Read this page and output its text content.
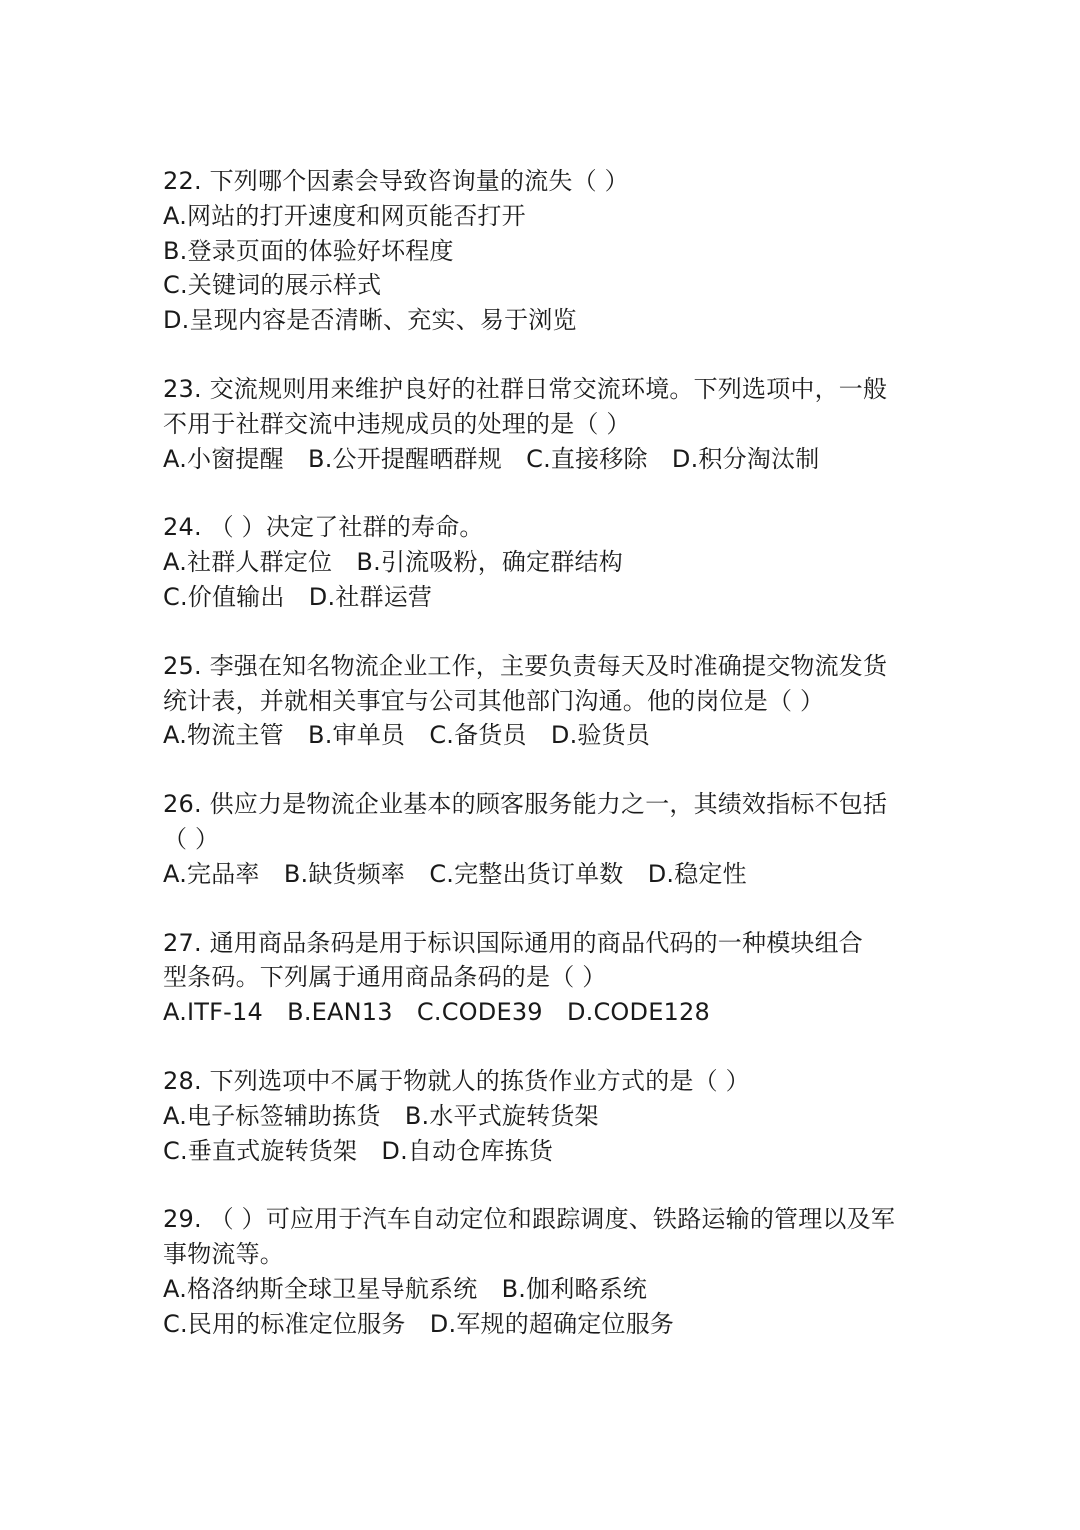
22. 下列哪个因素会导致咨询量的流失（ ）
A.网站的打开速度和网页能否打开
B.登录页面的体验好坏程度
C.关键词的展示样式
D.呈现内容是否清晰、充实、易于浏览
23. 交流规则用来维护良好的社群日常交流环境。下列选项中，一般
不用于社群交流中违规成员的处理的是（ ）
A.小窗提醒　B.公开提醒晒群规　C.直接移除　D.积分淘汰制
24. （ ）决定了社群的寿命。
A.社群人群定位　B.引流吸粉，确定群结构
C.价值输出　D.社群运营
25. 李强在知名物流企业工作，主要负责每天及时准确提交物流发货
统计表，并就相关事宜与公司其他部门沟通。他的岗位是（ ）
A.物流主管　B.审单员　C.备货员　D.验货员
26. 供应力是物流企业基本的顾客服务能力之一，其绩效指标不包括
（ ）
A.完品率　B.缺货频率　C.完整出货订单数　D.稳定性
27. 通用商品条码是用于标识国际通用的商品代码的一种模块组合
型条码。下列属于通用商品条码的是（ ）
A.ITF-14　B.EAN13　C.CODE39　D.CODE128
28. 下列选项中不属于物就人的拣货作业方式的是（ ）
A.电子标签辅助拣货　B.水平式旋转货架
C.垂直式旋转货架　D.自动仓库拣货
29. （ ）可应用于汽车自动定位和跟踪调度、铁路运输的管理以及军
事物流等。
A.格洛纳斯全球卫星导航系统　B.伽利略系统
C.民用的标准定位服务　D.军规的超确定位服务
